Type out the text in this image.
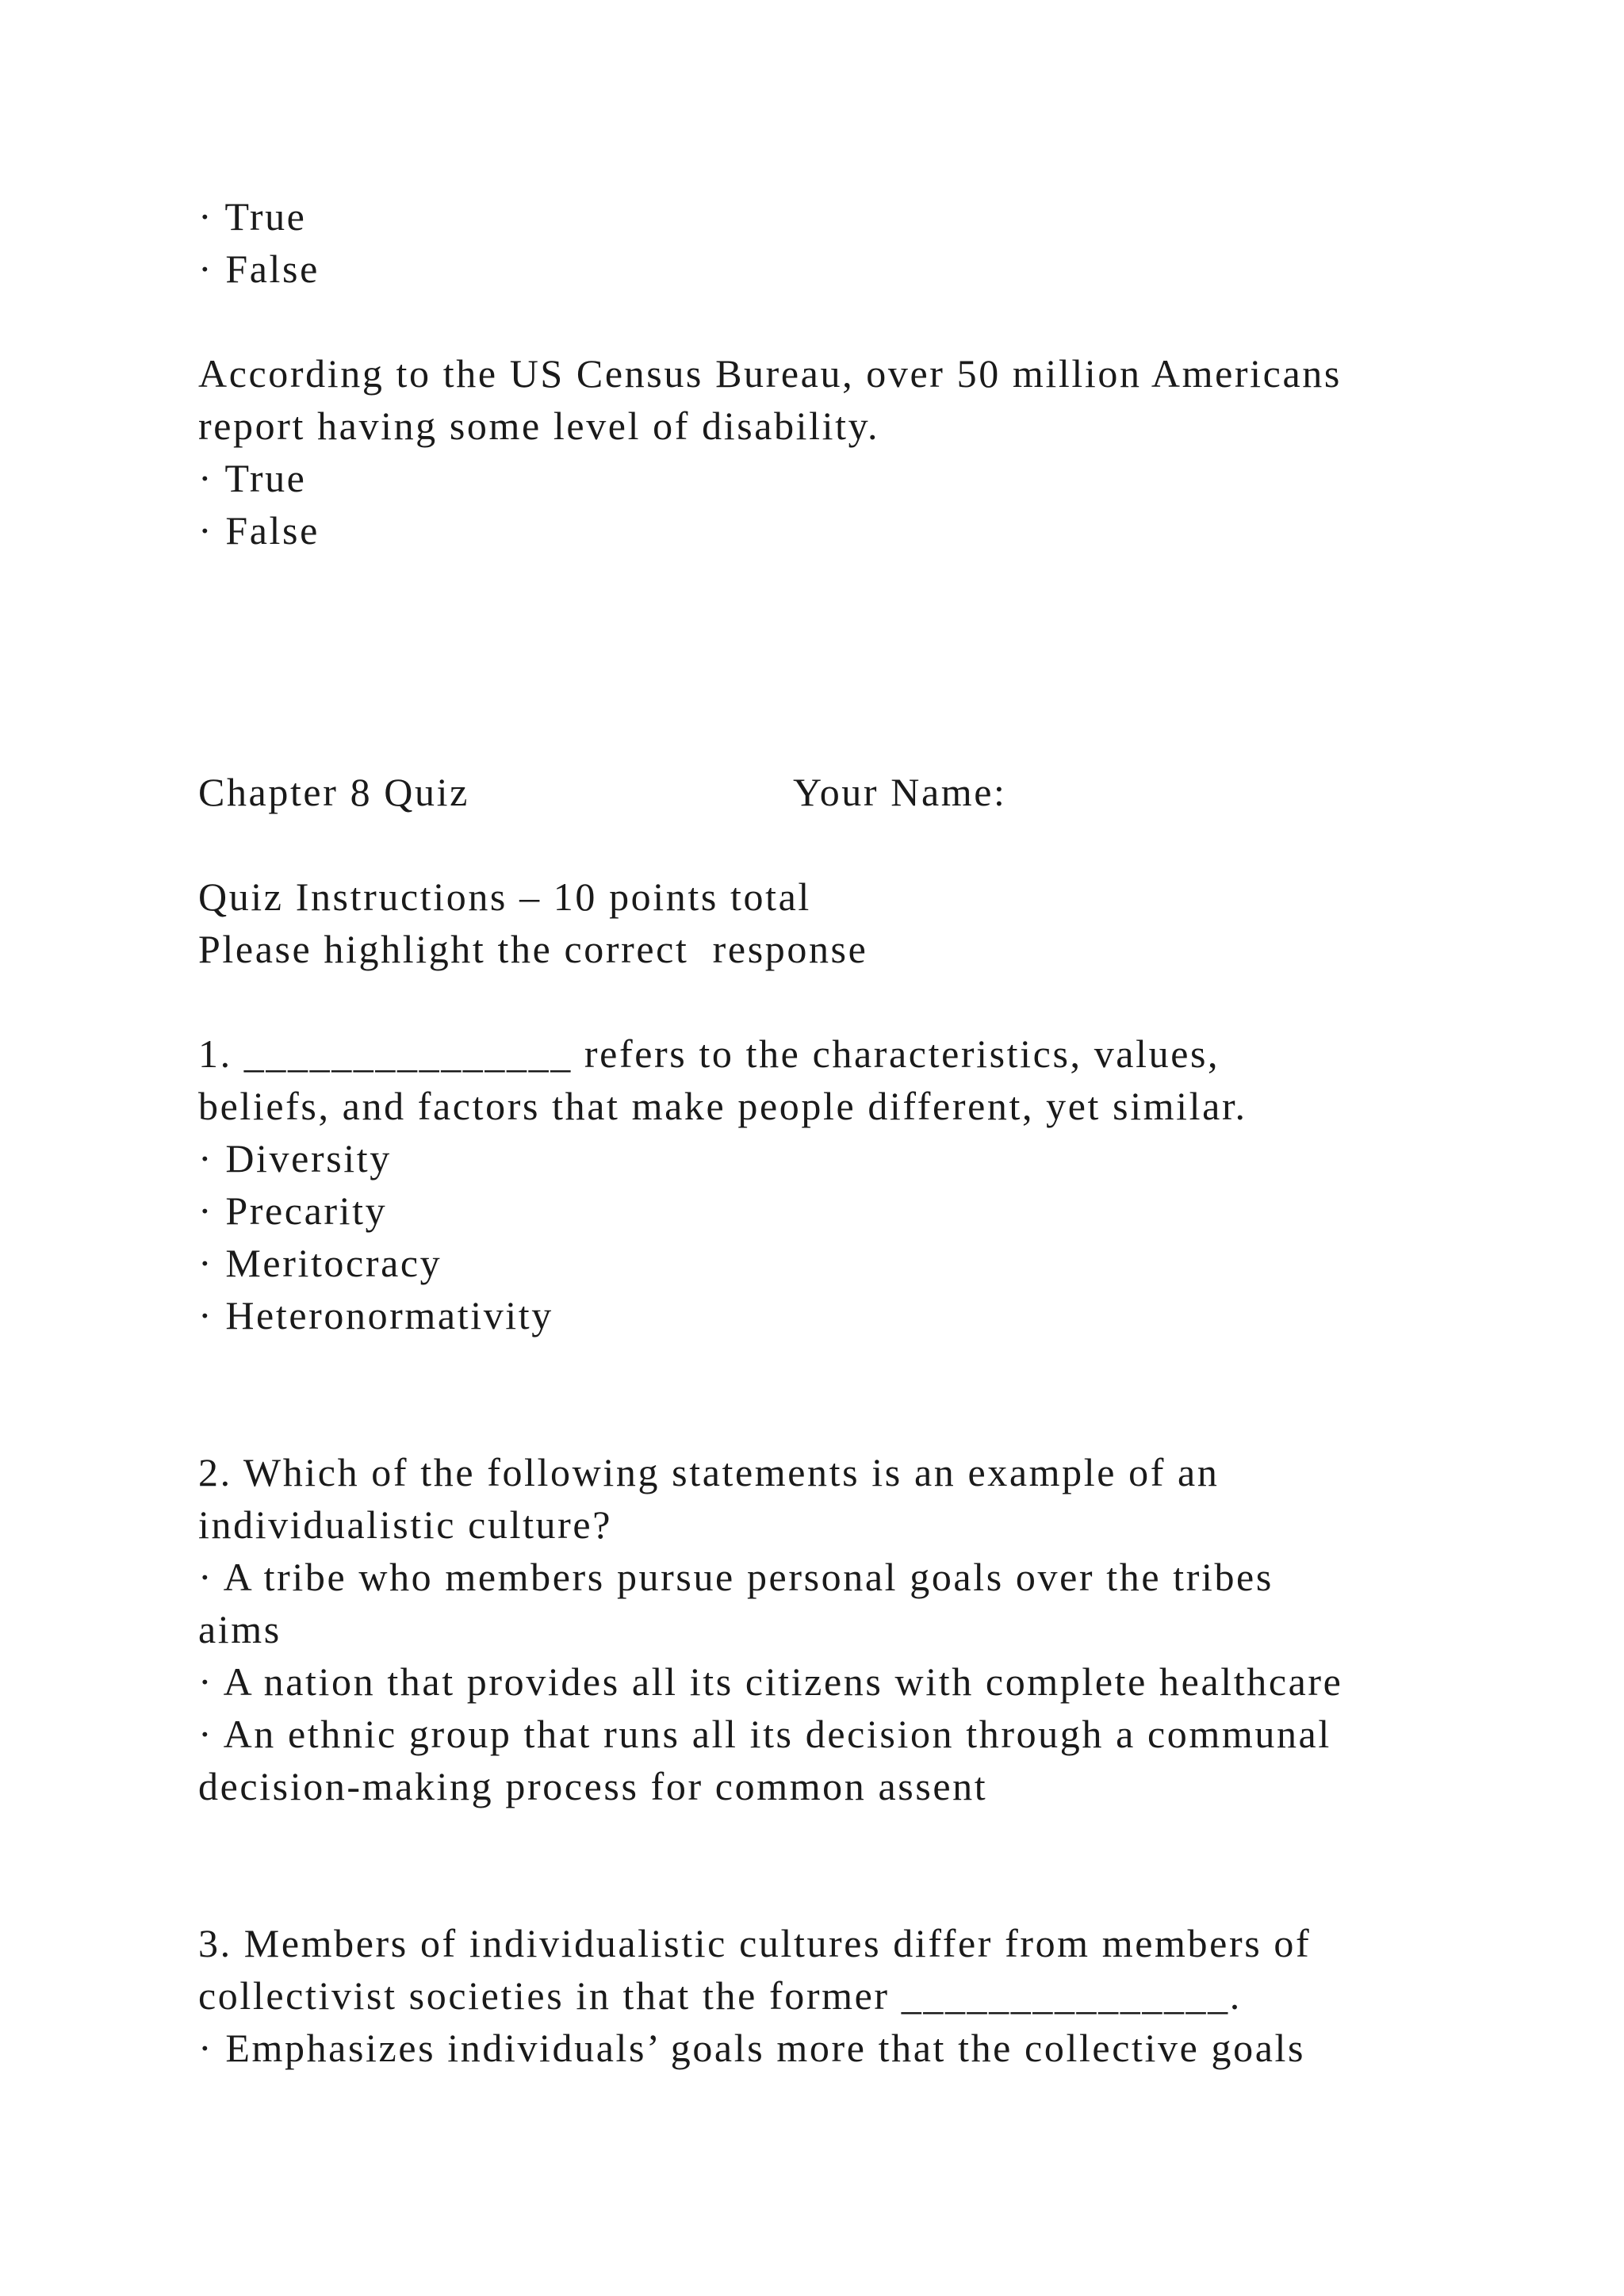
· True
· False
According to the US Census Bureau, over 50 million Americans
report having some level of disability.
· True
· False
Chapter 8 Quiz	Your Name:
Quiz Instructions – 10 points total
Please highlight the correct  response
1. _______________ refers to the characteristics, values,
beliefs, and factors that make people different, yet similar.
· Diversity
· Precarity
· Meritocracy
· Heteronormativity
2. Which of the following statements is an example of an
individualistic culture?
· A tribe who members pursue personal goals over the tribes
aims
· A nation that provides all its citizens with complete healthcare
· An ethnic group that runs all its decision through a communal
decision-making process for common assent
3. Members of individualistic cultures differ from members of
collectivist societies in that the former _______________.
· Emphasizes individuals’ goals more that the collective goals
